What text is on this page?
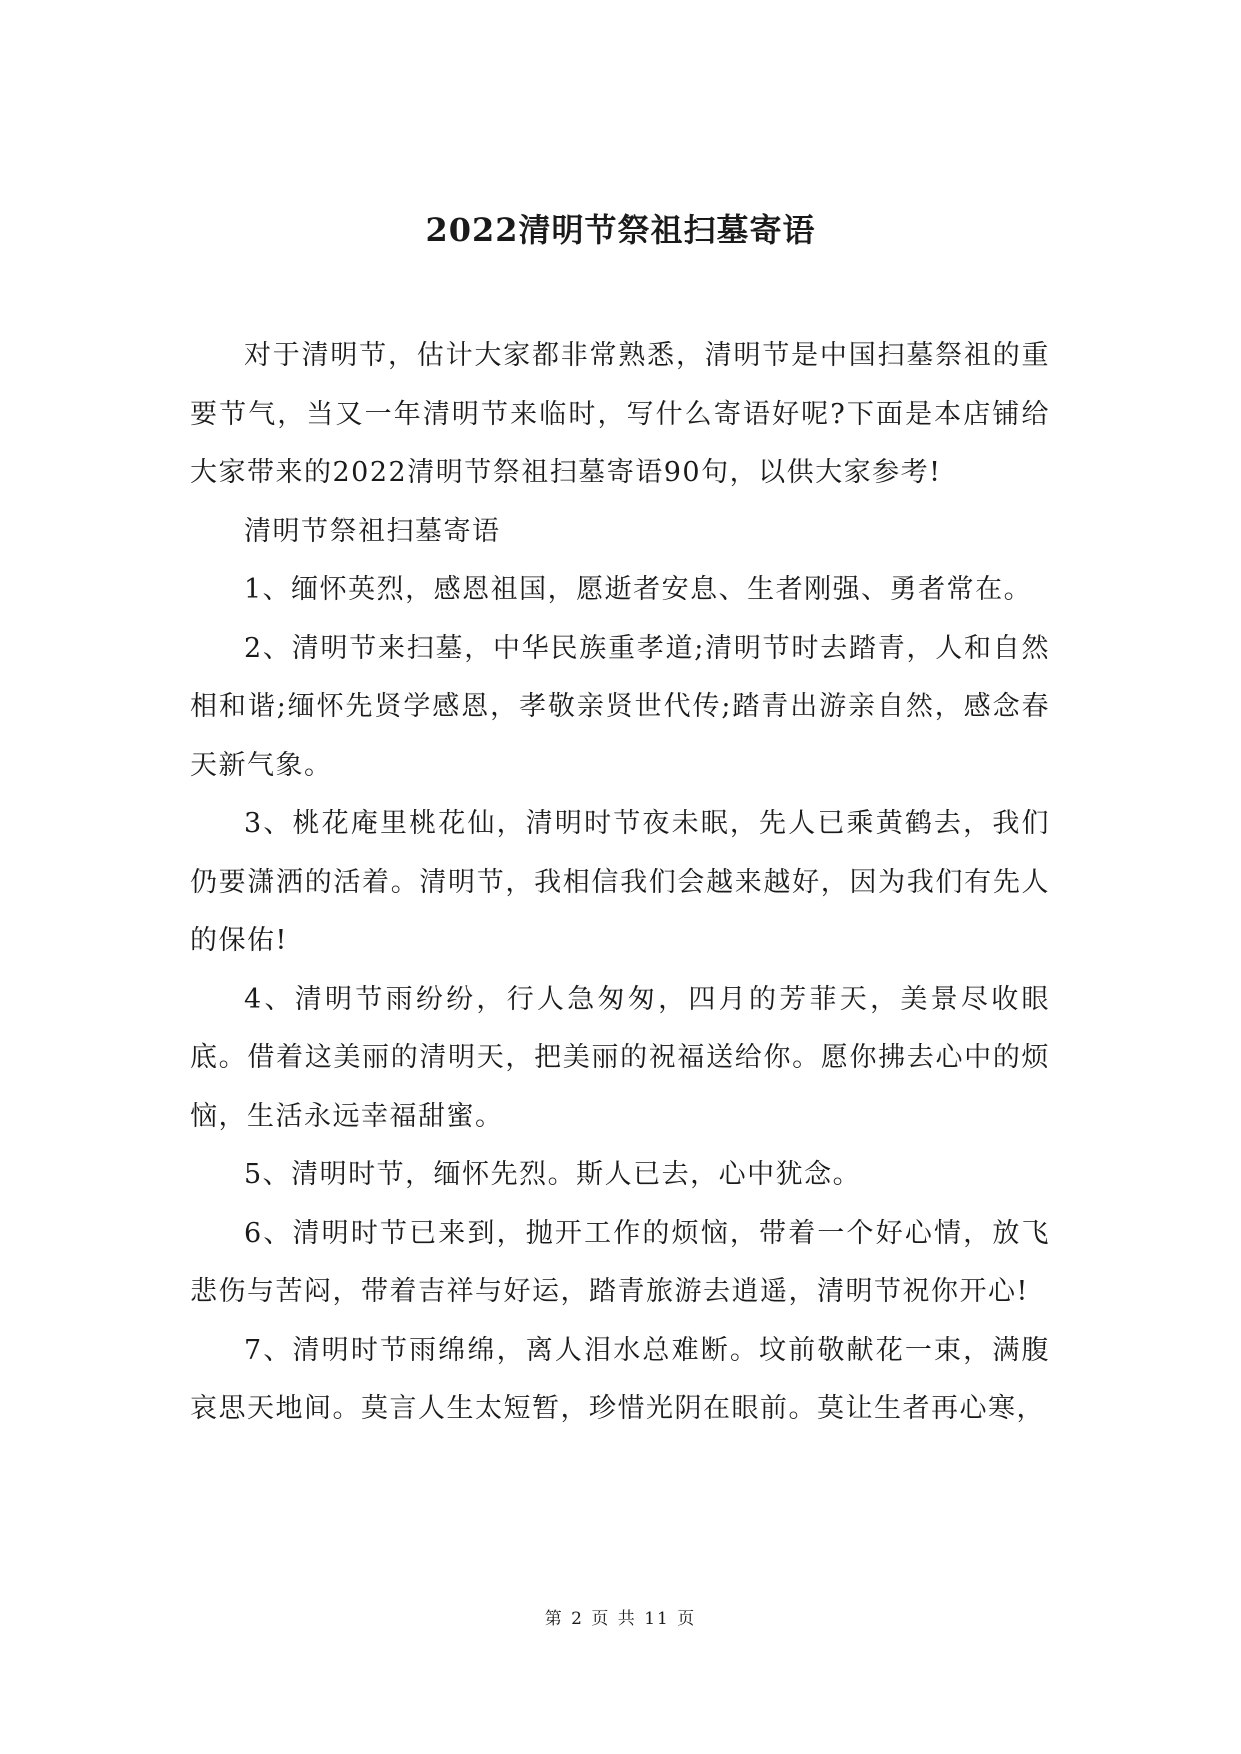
2022清明节祭祖扫墓寄语

对于清明节，估计大家都非常熟悉，清明节是中国扫墓祭祖的重要节气，当又一年清明节来临时，写什么寄语好呢?下面是本店铺给大家带来的2022清明节祭祖扫墓寄语90句，以供大家参考!

清明节祭祖扫墓寄语

1、缅怀英烈，感恩祖国，愿逝者安息、生者刚强、勇者常在。

2、清明节来扫墓，中华民族重孝道;清明节时去踏青，人和自然相和谐;缅怀先贤学感恩，孝敬亲贤世代传;踏青出游亲自然，感念春天新气象。

3、桃花庵里桃花仙，清明时节夜未眠，先人已乘黄鹤去，我们仍要潇洒的活着。清明节，我相信我们会越来越好，因为我们有先人的保佑!

4、清明节雨纷纷，行人急匆匆，四月的芳菲天，美景尽收眼底。借着这美丽的清明天，把美丽的祝福送给你。愿你拂去心中的烦恼，生活永远幸福甜蜜。

5、清明时节，缅怀先烈。斯人已去，心中犹念。

6、清明时节已来到，抛开工作的烦恼，带着一个好心情，放飞悲伤与苦闷，带着吉祥与好运，踏青旅游去逍遥，清明节祝你开心!

7、清明时节雨绵绵，离人泪水总难断。坟前敬献花一束，满腹哀思天地间。莫言人生太短暂，珍惜光阴在眼前。莫让生者再心寒，

第 2 页 共 11 页
